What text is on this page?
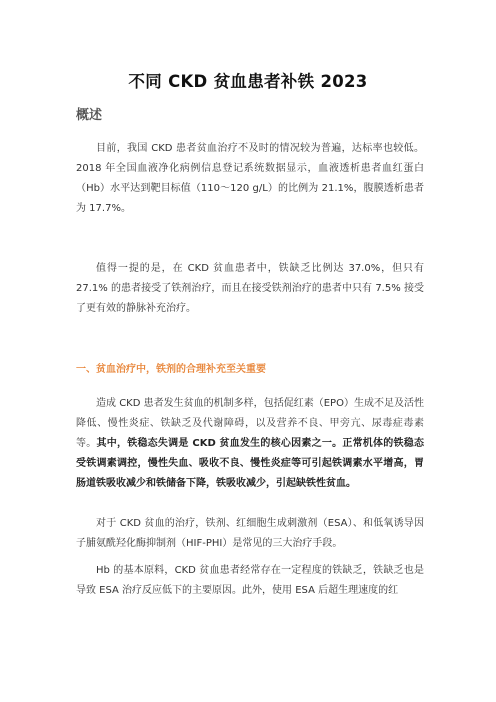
不同 CKD 贫血患者补铁 2023
概述

目前，我国 CKD 患者贫血治疗不及时的情况较为普遍，达标率也较低。2018 年全国血液净化病例信息登记系统数据显示，血液透析患者血红蛋白（Hb）水平达到靶目标值（110～120 g/L）的比例为 21.1%，腹膜透析患者为 17.7%。

值得一提的是，在 CKD 贫血患者中，铁缺乏比例达 37.0%，但只有 27.1% 的患者接受了铁剂治疗，而且在接受铁剂治疗的患者中只有 7.5% 接受了更有效的静脉补充治疗。

一、贫血治疗中，铁剂的合理补充至关重要

造成 CKD 患者发生贫血的机制多样，包括促红素（EPO）生成不足及活性降低、慢性炎症、铁缺乏及代谢障碍，以及营养不良、甲旁亢、尿毒症毒素等。其中，铁稳态失调是 CKD 贫血发生的核心因素之一。正常机体的铁稳态受铁调素调控，慢性失血、吸收不良、慢性炎症等可引起铁调素水平增高，胃肠道铁吸收减少和铁储备下降，铁吸收减少，引起缺铁性贫血。

对于 CKD 贫血的治疗，铁剂、红细胞生成刺激剂（ESA）、和低氧诱导因子脯氨酰羟化酶抑制剂（HIF-PHI）是常见的三大治疗手段。

Hb 的基本原料，CKD 贫血患者经常存在一定程度的铁缺乏，铁缺乏也是导致 ESA 治疗反应低下的主要原因。此外，使用 ESA 后超生理速度的红
